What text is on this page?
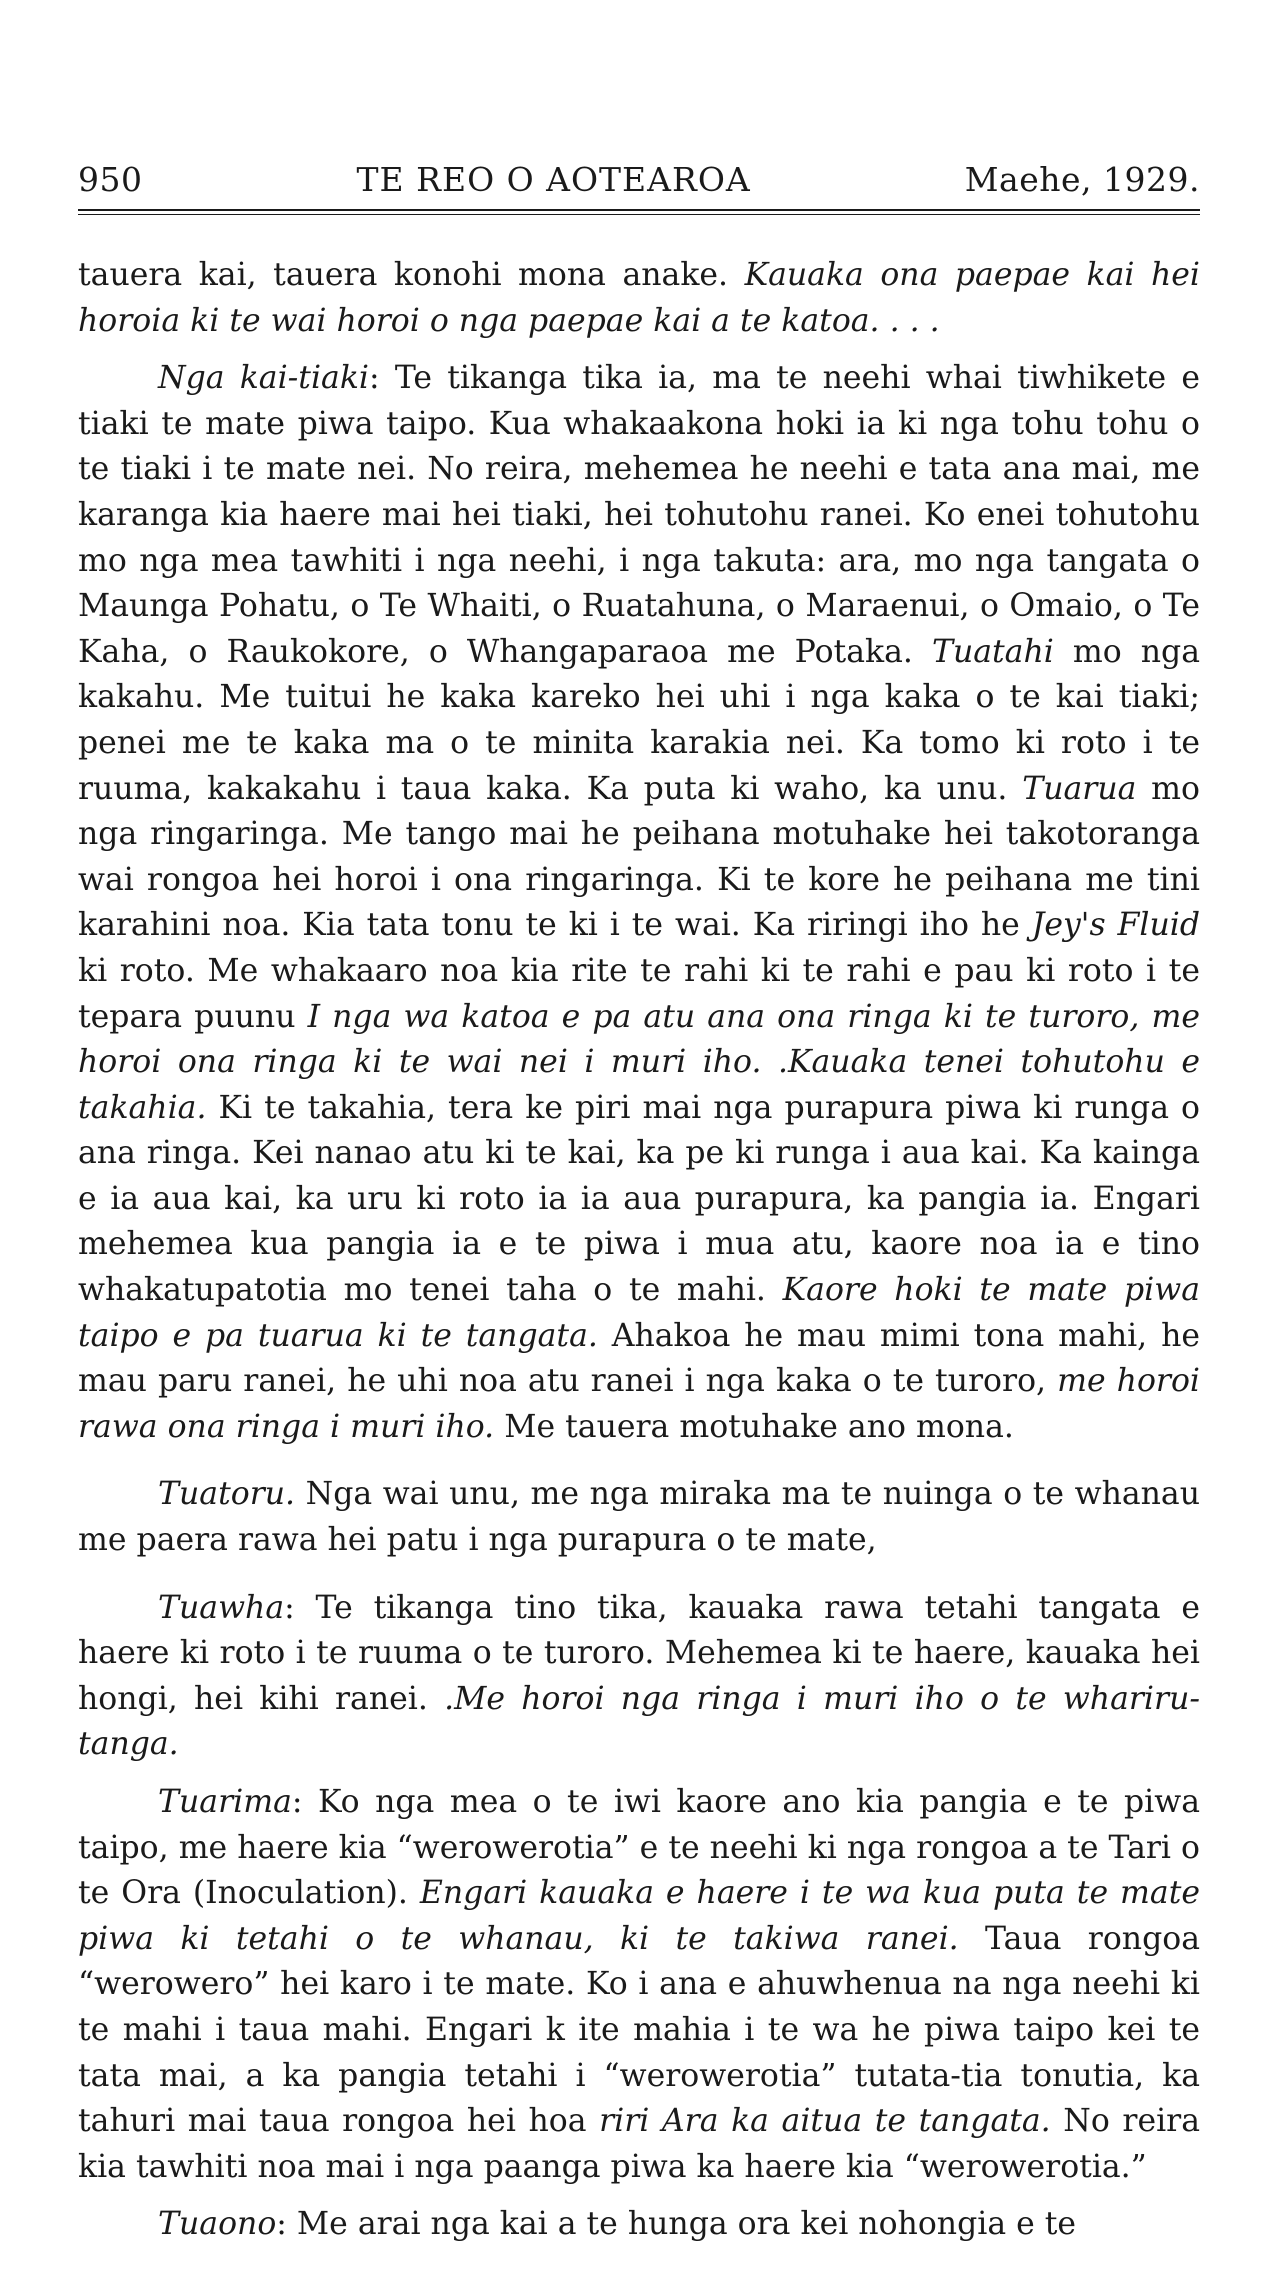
950	TE REO O AOTEAROA	Maehe, 1929.

tauera kai, tauera konohi mona anake. Kauaka ona paepae kai hei horoia ki te wai horoi o nga paepae kai a te katoa. . . .

Nga kai-tiaki: Te tikanga tika ia, ma te neehi whai tiwhikete e tiaki te mate piwa taipo. Kua whakaakona hoki ia ki nga tohu tohu o te tiaki i te mate nei. No reira, mehemea he neehi e tata ana mai, me karanga kia haere mai hei tiaki, hei tohutohu ranei. Ko enei tohutohu mo nga mea tawhiti i nga neehi, i nga takuta: ara, mo nga tangata o Maunga Pohatu, o Te Whaiti, o Ruatahuna, o Maraenui, o Omaio, o Te Kaha, o Raukokore, o Whangaparaoa me Potaka. Tuatahi mo nga kakahu. Me tuitui he kaka kareko hei uhi i nga kaka o te kai tiaki; penei me te kaka ma o te minita karakia nei. Ka tomo ki roto i te ruuma, kakakahu i taua kaka. Ka puta ki waho, ka unu. Tuarua mo nga ringaringa. Me tango mai he peihana motuhake hei takotoranga wai rongoa hei horoi i ona ringaringa. Ki te kore he peihana me tini karahini noa. Kia tata tonu te ki i te wai. Ka riringi iho he Jey's Fluid ki roto. Me whakaaro noa kia rite te rahi ki te rahi e pau ki roto i te tepara puunu I nga wa katoa e pa atu ana ona ringa ki te turoro, me horoi ona ringa ki te wai nei i muri iho. .Kauaka tenei tohutohu e takahia. Ki te takahia, tera ke piri mai nga purapura piwa ki runga o ana ringa. Kei nanao atu ki te kai, ka pe ki runga i aua kai. Ka kainga e ia aua kai, ka uru ki roto ia ia aua purapura, ka pangia ia. Engari mehemea kua pangia ia e te piwa i mua atu, kaore noa ia e tino whakatupatotia mo tenei taha o te mahi. Kaore hoki te mate piwa taipo e pa tuarua ki te tangata. Ahakoa he mau mimi tona mahi, he mau paru ranei, he uhi noa atu ranei i nga kaka o te turoro, me horoi rawa ona ringa i muri iho. Me tauera motuhake ano mona.

Tuatoru. Nga wai unu, me nga miraka ma te nuinga o te whanau me paera rawa hei patu i nga purapura o te mate,

Tuawha: Te tikanga tino tika, kauaka rawa tetahi tangata e haere ki roto i te ruuma o te turoro. Mehemea ki te haere, kauaka hei hongi, hei kihi ranei. .Me horoi nga ringa i muri iho o te whariru-tanga.

Tuarima: Ko nga mea o te iwi kaore ano kia pangia e te piwa taipo, me haere kia “werowerotia” e te neehi ki nga rongoa a te Tari o te Ora (Inoculation). Engari kauaka e haere i te wa kua puta te mate piwa ki tetahi o te whanau, ki te takiwa ranei. Taua rongoa “werowero” hei karo i te mate. Ko i ana e ahuwhenua na nga neehi ki te mahi i taua mahi. Engari k ite mahia i te wa he piwa taipo kei te tata mai, a ka pangia tetahi i “werowerotia” tutata-tia tonutia, ka tahuri mai taua rongoa hei hoa riri Ara ka aitua te tangata. No reira kia tawhiti noa mai i nga paanga piwa ka haere kia “werowerotia.”

Tuaono: Me arai nga kai a te hunga ora kei nohongia e te
